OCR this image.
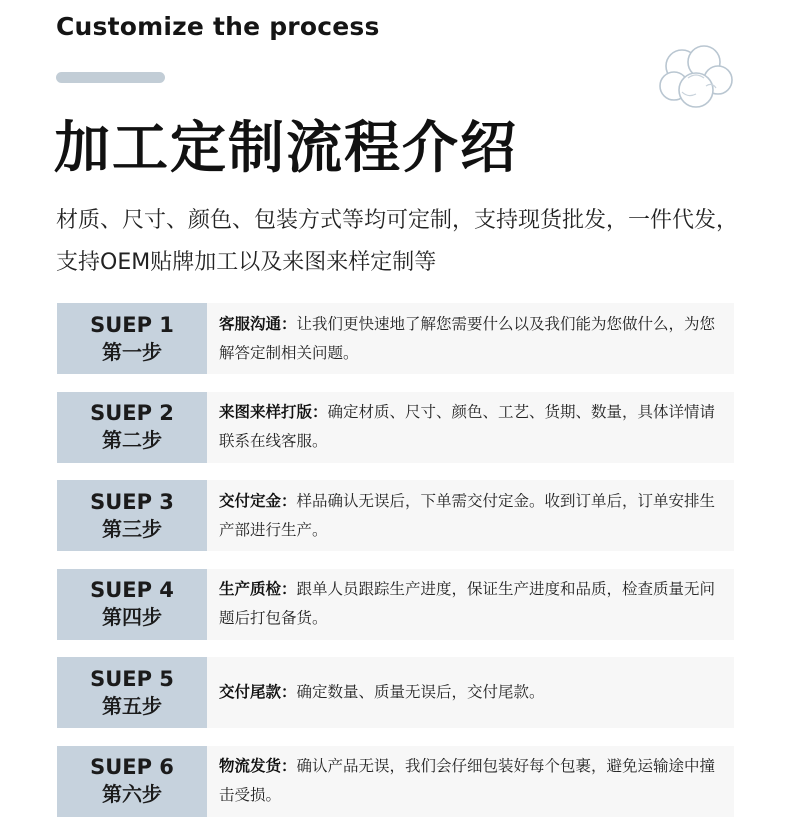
Customize the process
加工定制流程介绍
材质、尺寸、颜色、包装方式等均可定制，支持现货批发，一件代发，支持OEM贴牌加工以及来图来样定制等
SUEP 1
第一步
客服沟通：让我们更快速地了解您需要什么以及我们能为您做什么，为您解答定制相关问题。
SUEP 2
第二步
来图来样打版：确定材质、尺寸、颜色、工艺、货期、数量，具体详情请联系在线客服。
SUEP 3
第三步
交付定金：样品确认无误后，下单需交付定金。收到订单后，订单安排生产部进行生产。
SUEP 4
第四步
生产质检：跟单人员跟踪生产进度，保证生产进度和品质，检查质量无问题后打包备货。
SUEP 5
第五步
交付尾款：确定数量、质量无误后，交付尾款。
SUEP 6
第六步
物流发货：确认产品无误，我们会仔细包装好每个包裹，避免运输途中撞击受损。
